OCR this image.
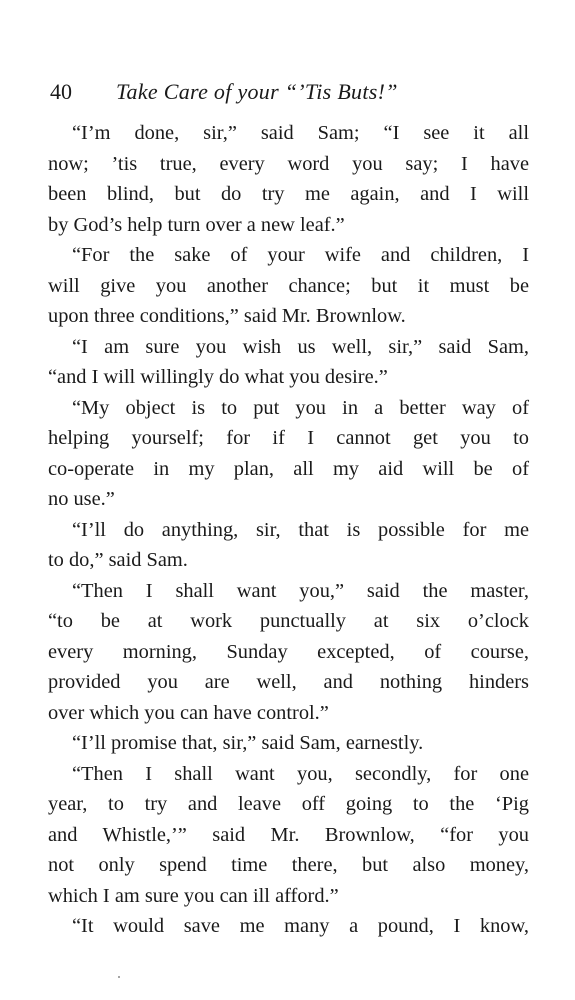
40 Take Care of your “’Tis Buts!”
“I’m done, sir,” said Sam; “I see it all
now; ’tis true, every word you say; I have
been blind, but do try me again, and I will
by God’s help turn over a new leaf.”
“For the sake of your wife and children, I
will give you another chance; but it must be
upon three conditions,” said Mr. Brownlow.
“I am sure you wish us well, sir,” said Sam,
“and I will willingly do what you desire.”
“My object is to put you in a better way of
helping yourself; for if I cannot get you to
co-operate in my plan, all my aid will be of
no use.”
“I’ll do anything, sir, that is possible for me
to do,” said Sam.
“Then I shall want you,” said the master,
“to be at work punctually at six o’clock
every morning, Sunday excepted, of course,
provided you are well, and nothing hinders
over which you can have control.”
“I’ll promise that, sir,” said Sam, earnestly.
“Then I shall want you, secondly, for one
year, to try and leave off going to the ‘Pig
and Whistle,’” said Mr. Brownlow, “for you
not only spend time there, but also money,
which I am sure you can ill afford.”
“It would save me many a pound, I know,
